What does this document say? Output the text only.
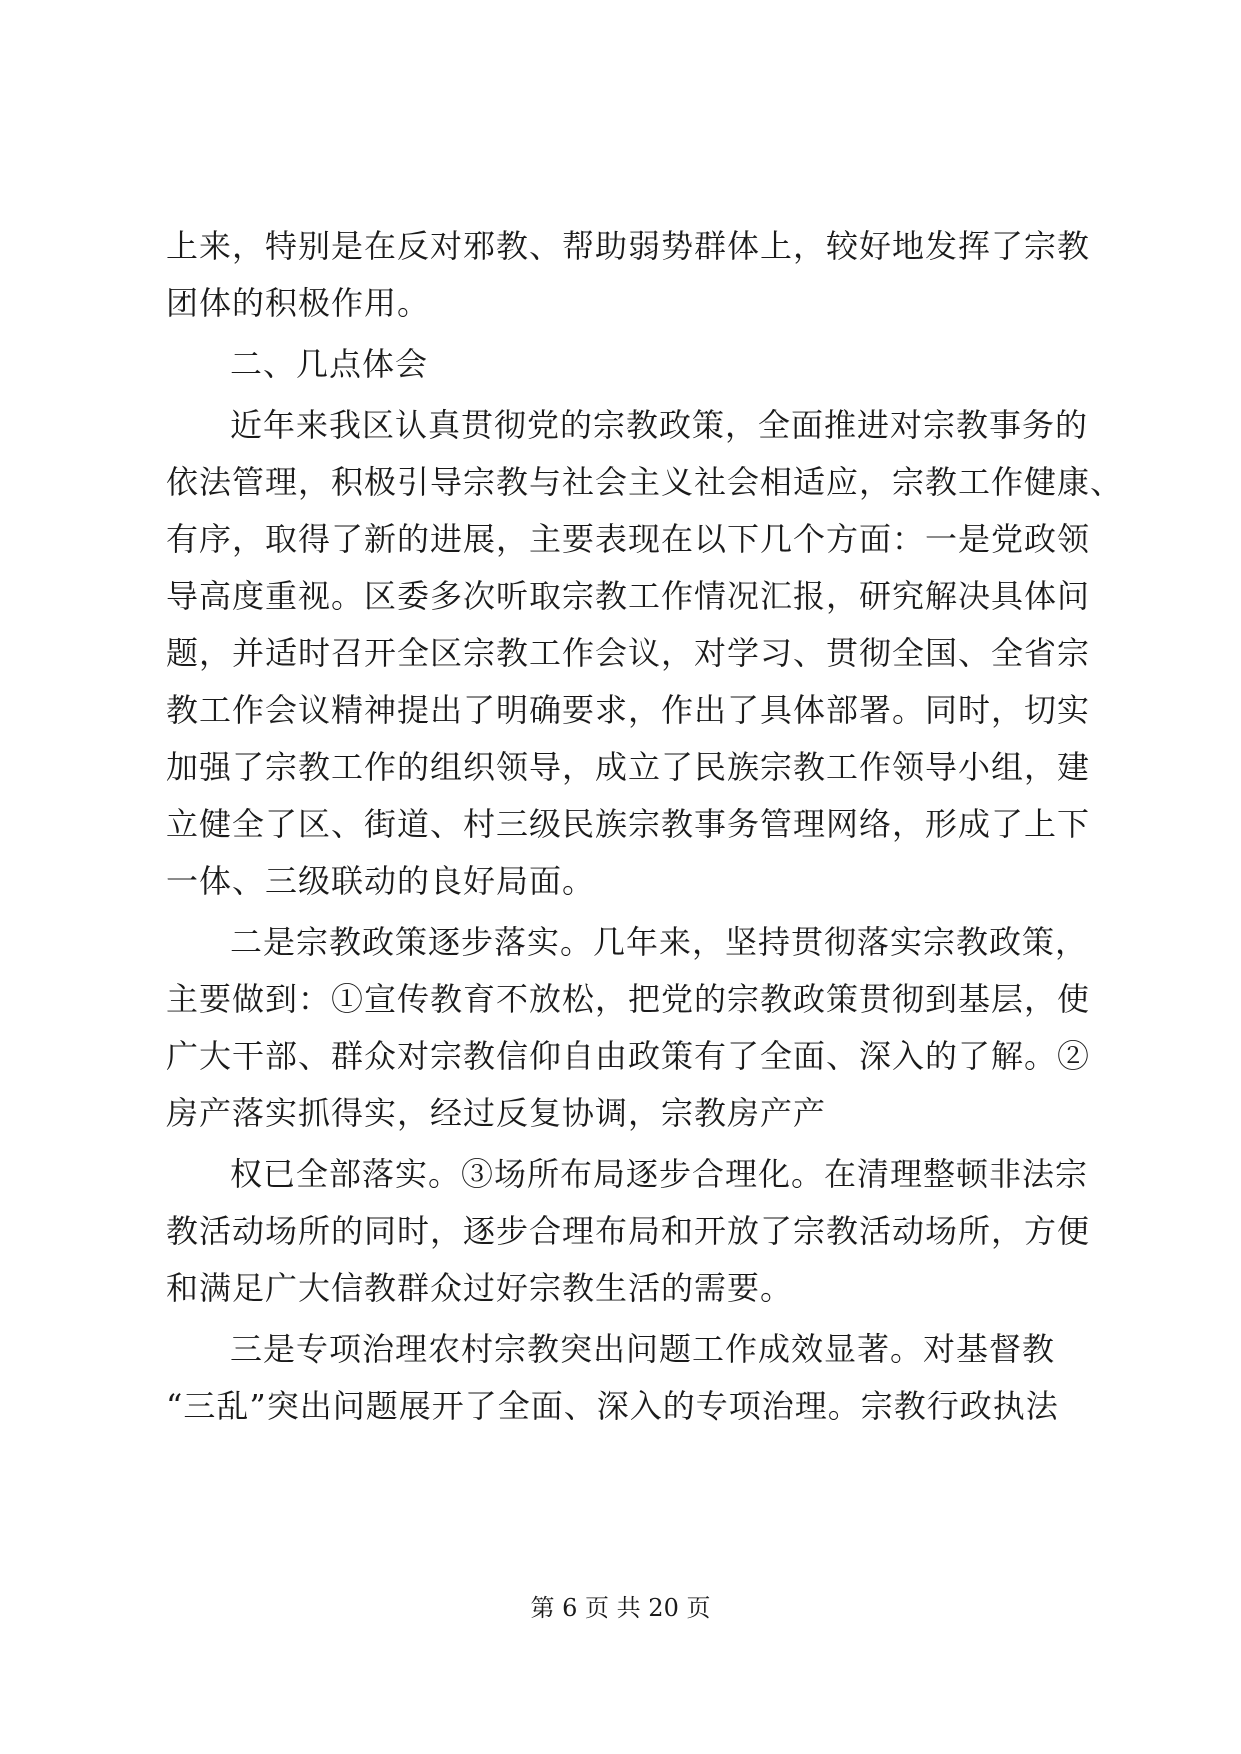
上来，特别是在反对邪教、帮助弱势群体上，较好地发挥了宗教
团体的积极作用。
二、几点体会
近年来我区认真贯彻党的宗教政策，全面推进对宗教事务的
依法管理，积极引导宗教与社会主义社会相适应，宗教工作健康、
有序，取得了新的进展，主要表现在以下几个方面：一是党政领
导高度重视。区委多次听取宗教工作情况汇报，研究解决具体问
题，并适时召开全区宗教工作会议，对学习、贯彻全国、全省宗
教工作会议精神提出了明确要求，作出了具体部署。同时，切实
加强了宗教工作的组织领导，成立了民族宗教工作领导小组，建
立健全了区、街道、村三级民族宗教事务管理网络，形成了上下
一体、三级联动的良好局面。
二是宗教政策逐步落实。几年来，坚持贯彻落实宗教政策，
主要做到：①宣传教育不放松，把党的宗教政策贯彻到基层，使
广大干部、群众对宗教信仰自由政策有了全面、深入的了解。②
房产落实抓得实，经过反复协调，宗教房产产
权已全部落实。③场所布局逐步合理化。在清理整顿非法宗
教活动场所的同时，逐步合理布局和开放了宗教活动场所，方便
和满足广大信教群众过好宗教生活的需要。
三是专项治理农村宗教突出问题工作成效显著。对基督教
“三乱”突出问题展开了全面、深入的专项治理。宗教行政执法
第 6 页 共 20 页
